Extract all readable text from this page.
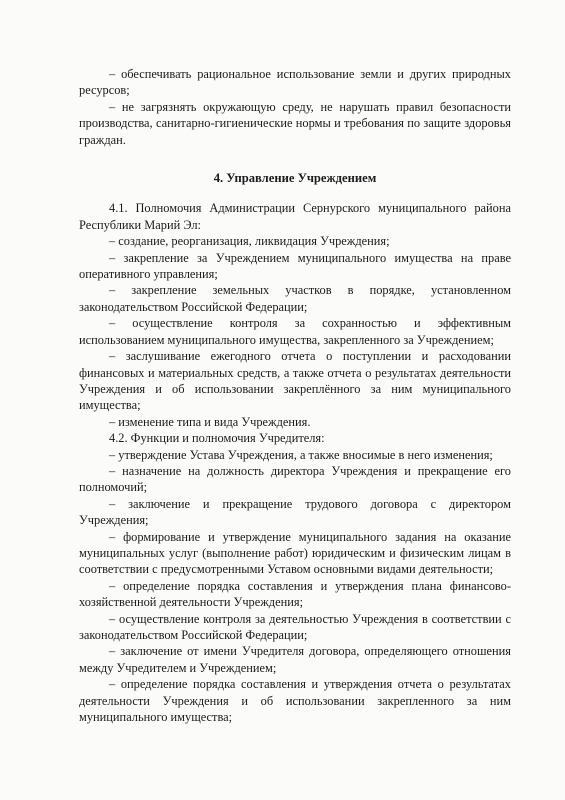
– обеспечивать рациональное использование земли и других природных ресурсов;

– не загрязнять окружающую среду, не нарушать правил безопасности производства, санитарно-гигиенические нормы и требования по защите здоровья граждан.

4. Управление Учреждением

4.1. Полномочия Администрации Сернурского муниципального района Республики Марий Эл:

– создание, реорганизация, ликвидация Учреждения;

– закрепление за Учреждением муниципального имущества на праве оперативного управления;

– закрепление земельных участков в порядке, установленном законодательством Российской Федерации;

– осуществление контроля за сохранностью и эффективным использованием муниципального имущества, закрепленного за Учреждением;

– заслушивание ежегодного отчета о поступлении и расходовании финансовых и материальных средств, а также отчета о результатах деятельности Учреждения и об использовании закреплённого за ним муниципального имущества;

– изменение типа и вида Учреждения.

4.2. Функции и полномочия Учредителя:

– утверждение Устава Учреждения, а также вносимые в него изменения;

– назначение на должность директора Учреждения и прекращение его полномочий;

– заключение и прекращение трудового договора с директором Учреждения;

– формирование и утверждение муниципального задания на оказание муниципальных услуг (выполнение работ) юридическим и физическим лицам в соответствии с предусмотренными Уставом основными видами деятельности;

– определение порядка составления и утверждения плана финансово-хозяйственной деятельности Учреждения;

– осуществление контроля за деятельностью Учреждения в соответствии с законодательством Российской Федерации;

– заключение от имени Учредителя договора, определяющего отношения между Учредителем и Учреждением;

– определение порядка составления и утверждения отчета о результатах деятельности Учреждения и об использовании закрепленного за ним муниципального имущества;
